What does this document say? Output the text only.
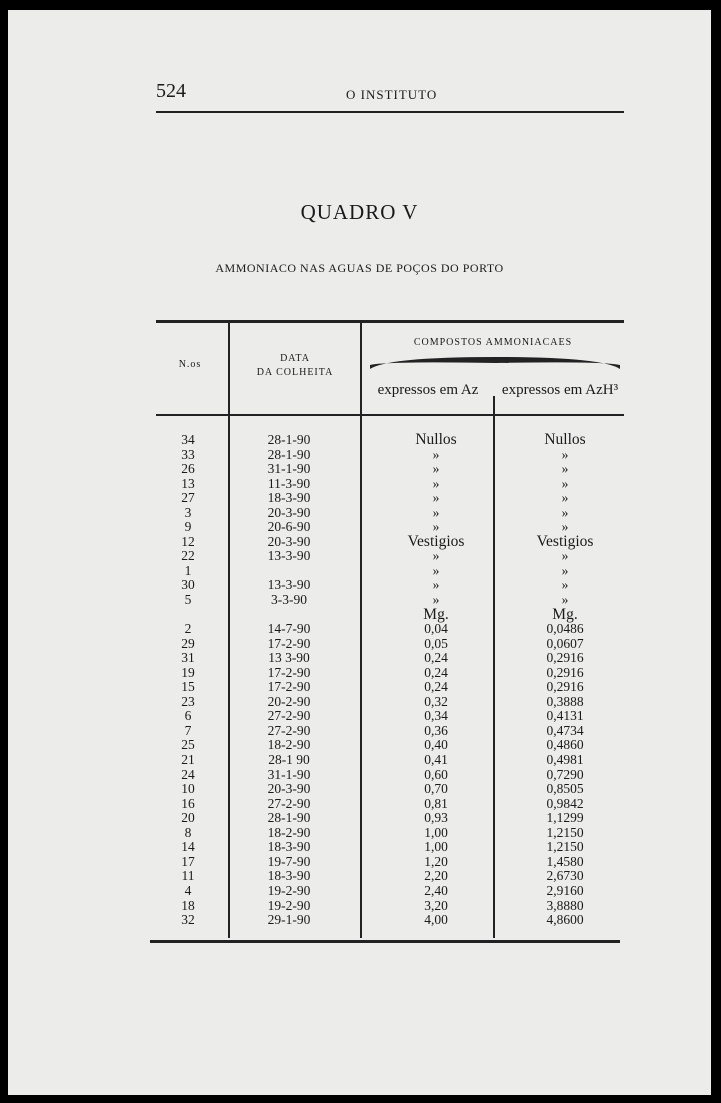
524	O INSTITUTO
QUADRO V
AMMONIACO NAS AGUAS DE POÇOS DO PORTO
N.os
DATA
DA COLHEITA
COMPOSTOS AMMONIACAES
expressos em Az	expressos em AzH³
34
33
26
13
27
3
9
12
22
1
30
5
2
29
31
19
15
23
6
7
25
21
24
10
16
20
8
14
17
11
4
18
32
28-1-90
28-1-90
31-1-90
11-3-90
18-3-90
20-3-90
20-6-90
20-3-90
13-3-90
13-3-90
3-3-90
14-7-90
17-2-90
13 3-90
17-2-90
17-2-90
20-2-90
27-2-90
27-2-90
18-2-90
28-1 90
31-1-90
20-3-90
27-2-90
28-1-90
18-2-90
18-3-90
19-7-90
18-3-90
19-2-90
19-2-90
29-1-90
Nullos
»
»
»
»
»
»
Vestigios
»
»
»
»
Mg.
0,04
0,05
0,24
0,24
0,24
0,32
0,34
0,36
0,40
0,41
0,60
0,70
0,81
0,93
1,00
1,00
1,20
2,20
2,40
3,20
4,00
Nullos
»
»
»
»
»
»
Vestigios
»
»
»
»
Mg.
0,0486
0,0607
0,2916
0,2916
0,2916
0,3888
0,4131
0,4734
0,4860
0,4981
0,7290
0,8505
0,9842
1,1299
1,2150
1,2150
1,4580
2,6730
2,9160
3,8880
4,8600
